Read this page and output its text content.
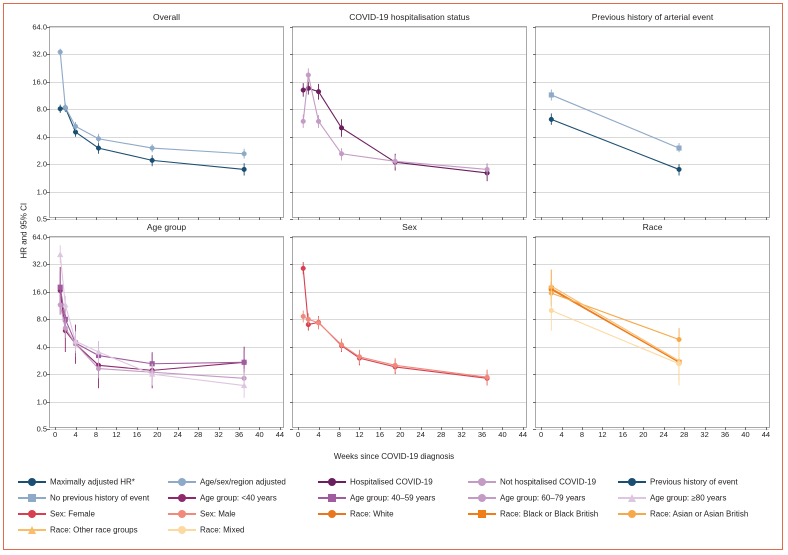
HR and 95% CI
Weeks since COVID-19 diagnosis
Overall
0.5
1.0
2.0
4.0
8.0
16.0
32.0
64.0
COVID-19 hospitalisation status	Previous history of arterial event
Age group
0.5
1.0
2.0
4.0
8.0
16.0
32.0
64.0
0 4 8 12 16 20 24 28 32 36 40 44
Sex
0 4 8 12 16 20 24 28 32 36 40 44
Race
0 4 8 12 16 20 24 28 32 36 40 44
Maximally adjusted HR*	Age/sex/region adjusted	Hospitalised COVID-19	Not hospitalised COVID-19	Previous history of event
No previous history of event	Age group: <40 years	Age group: 40–59 years	Age group: 60–79 years	Age group: ≥80 years
Sex: Female	Sex: Male	Race: White	Race: Black or Black British	Race: Asian or Asian British
Race: Other race groups	Race: Mixed
